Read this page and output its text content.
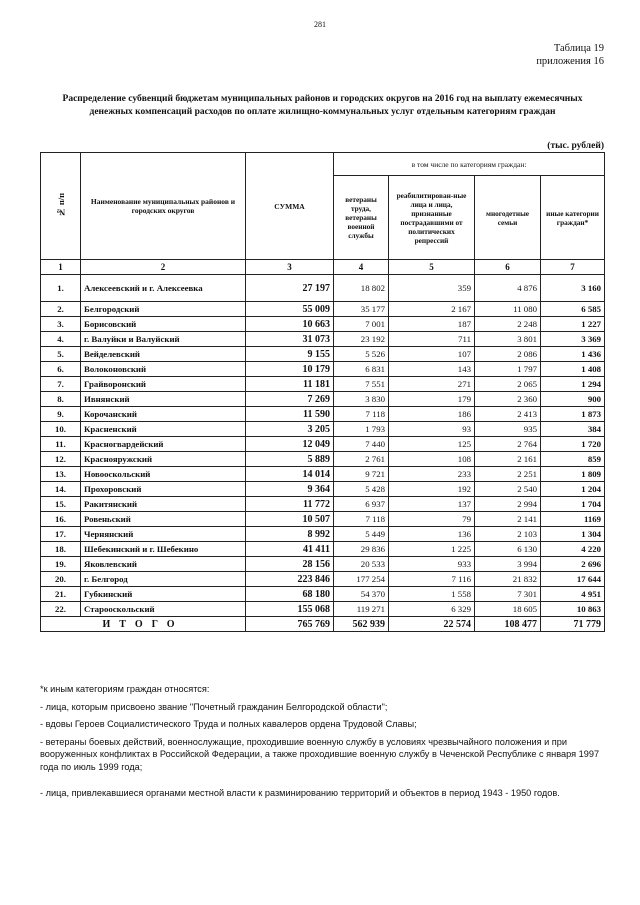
281
Таблица 19
приложения 16
Распределение субвенций бюджетам муниципальных районов и городских округов на 2016 год на выплату ежемесячных денежных компенсаций расходов по оплате жилищно-коммунальных услуг отдельным категориям граждан
(тыс. рублей)
№ п/п	Наименование муниципальных районов и городских округов	СУММА	в том числе по категориям граждан:			
			ветераны труда, ветераны военной службы	реабилитирован-ные лица и лица, признанные пострадавшими от политических репрессий	многодетные семьи	иные категории граждан*
1	2	3	4	5	6	7
1.	Алексеевский и г. Алексеевка	27 197	18 802	359	4 876	3 160
2.	Белгородский	55 009	35 177	2 167	11 080	6 585
3.	Борисовский	10 663	7 001	187	2 248	1 227
4.	г. Валуйки и Валуйский	31 073	23 192	711	3 801	3 369
5.	Вейделевский	9 155	5 526	107	2 086	1 436
6.	Волоконовский	10 179	6 831	143	1 797	1 408
7.	Грайворонский	11 181	7 551	271	2 065	1 294
8.	Ивнянский	7 269	3 830	179	2 360	900
9.	Корочанский	11 590	7 118	186	2 413	1 873
10.	Красненский	3 205	1 793	93	935	384
11.	Красногвардейский	12 049	7 440	125	2 764	1 720
12.	Краснояружский	5 889	2 761	108	2 161	859
13.	Новооскольский	14 014	9 721	233	2 251	1 809
14.	Прохоровский	9 364	5 428	192	2 540	1 204
15.	Ракитянский	11 772	6 937	137	2 994	1 704
16.	Ровеньский	10 507	7 118	79	2 141	1169
17.	Чернянский	8 992	5 449	136	2 103	1 304
18.	Шебекинский и г. Шебекино	41 411	29 836	1 225	6 130	4 220
19.	Яковлевский	28 156	20 533	933	3 994	2 696
20.	г. Белгород	223 846	177 254	7 116	21 832	17 644
21.	Губкинский	68 180	54 370	1 558	7 301	4 951
22.	Старооскольский	155 068	119 271	6 329	18 605	10 863
ИТОГО		765 769	562 939	22 574	108 477	71 779

*к иным категориям граждан относятся:

- лица, которым присвоено звание "Почетный гражданин Белгородской области";

- вдовы Героев Социалистического Труда и полных кавалеров ордена Трудовой Славы;

- ветераны боевых действий, военнослужащие, проходившие военную службу в условиях чрезвычайного положения и при вооруженных конфликтах в Российской Федерации, а также проходившие военную службу в Чеченской Республике с января 1997 года по июль 1999 года;

- лица, привлекавшиеся органами местной власти к разминированию территорий и объектов в период 1943 - 1950 годов.
